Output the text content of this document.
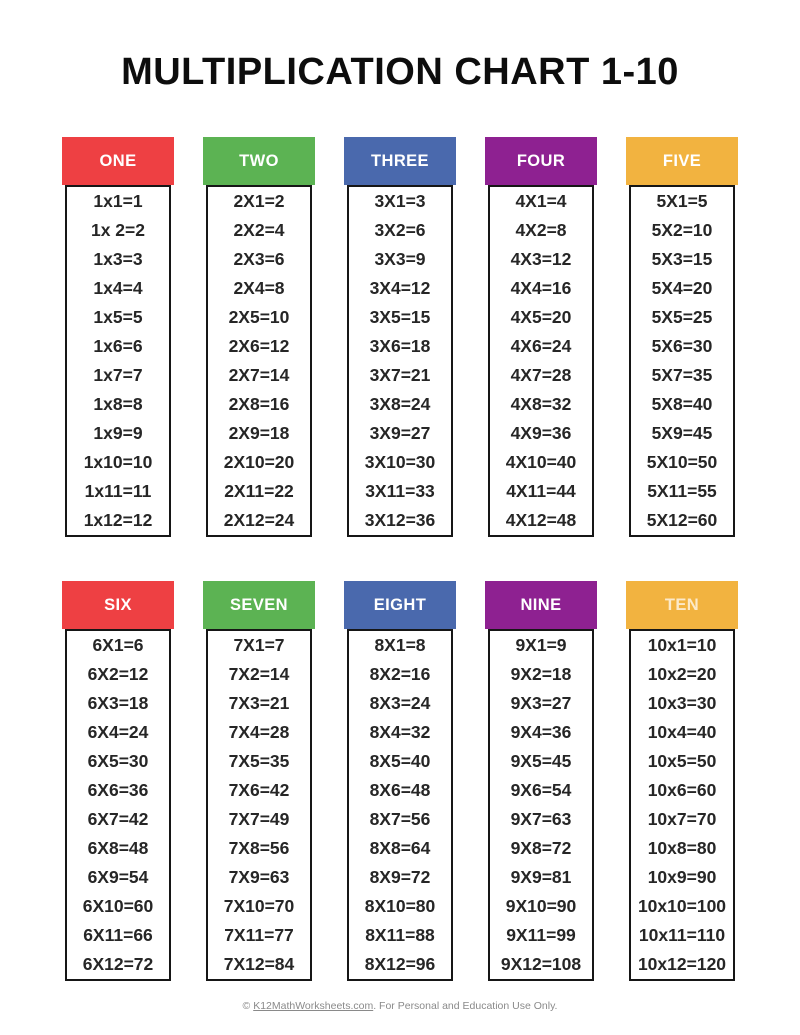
MULTIPLICATION CHART 1-10
ONE
1x1=1
1x 2=2
1x3=3
1x4=4
1x5=5
1x6=6
1x7=7
1x8=8
1x9=9
1x10=10
1x11=11
1x12=12
TWO
2X1=2
2X2=4
2X3=6
2X4=8
2X5=10
2X6=12
2X7=14
2X8=16
2X9=18
2X10=20
2X11=22
2X12=24
THREE
3X1=3
3X2=6
3X3=9
3X4=12
3X5=15
3X6=18
3X7=21
3X8=24
3X9=27
3X10=30
3X11=33
3X12=36
FOUR
4X1=4
4X2=8
4X3=12
4X4=16
4X5=20
4X6=24
4X7=28
4X8=32
4X9=36
4X10=40
4X11=44
4X12=48
FIVE
5X1=5
5X2=10
5X3=15
5X4=20
5X5=25
5X6=30
5X7=35
5X8=40
5X9=45
5X10=50
5X11=55
5X12=60
SIX
6X1=6
6X2=12
6X3=18
6X4=24
6X5=30
6X6=36
6X7=42
6X8=48
6X9=54
6X10=60
6X11=66
6X12=72
SEVEN
7X1=7
7X2=14
7X3=21
7X4=28
7X5=35
7X6=42
7X7=49
7X8=56
7X9=63
7X10=70
7X11=77
7X12=84
EIGHT
8X1=8
8X2=16
8X3=24
8X4=32
8X5=40
8X6=48
8X7=56
8X8=64
8X9=72
8X10=80
8X11=88
8X12=96
NINE
9X1=9
9X2=18
9X3=27
9X4=36
9X5=45
9X6=54
9X7=63
9X8=72
9X9=81
9X10=90
9X11=99
9X12=108
TEN
10x1=10
10x2=20
10x3=30
10x4=40
10x5=50
10x6=60
10x7=70
10x8=80
10x9=90
10x10=100
10x11=110
10x12=120
© K12MathWorksheets.com. For Personal and Education Use Only.
